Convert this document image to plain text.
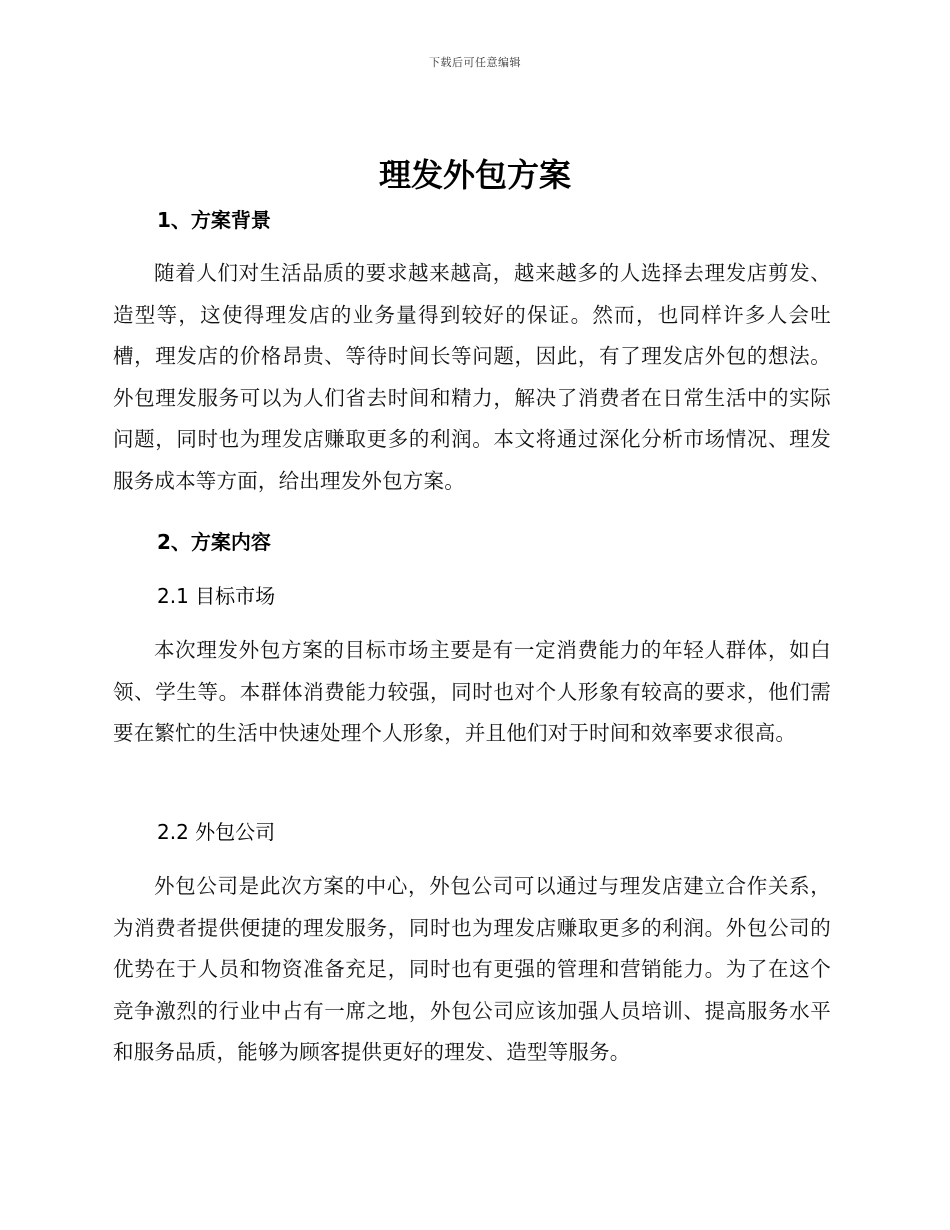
下载后可任意编辑
理发外包方案
1、方案背景

随着人们对生活品质的要求越来越高，越来越多的人选择去理发店剪发、造型等，这使得理发店的业务量得到较好的保证。然而，也同样许多人会吐槽，理发店的价格昂贵、等待时间长等问题，因此，有了理发店外包的想法。外包理发服务可以为人们省去时间和精力，解决了消费者在日常生活中的实际问题，同时也为理发店赚取更多的利润。本文将通过深化分析市场情况、理发服务成本等方面，给出理发外包方案。

2、方案内容
2.1 目标市场

本次理发外包方案的目标市场主要是有一定消费能力的年轻人群体，如白领、学生等。本群体消费能力较强，同时也对个人形象有较高的要求，他们需要在繁忙的生活中快速处理个人形象，并且他们对于时间和效率要求很高。

2.2 外包公司

外包公司是此次方案的中心，外包公司可以通过与理发店建立合作关系，为消费者提供便捷的理发服务，同时也为理发店赚取更多的利润。外包公司的优势在于人员和物资准备充足，同时也有更强的管理和营销能力。为了在这个竞争激烈的行业中占有一席之地，外包公司应该加强人员培训、提高服务水平和服务品质，能够为顾客提供更好的理发、造型等服务。
